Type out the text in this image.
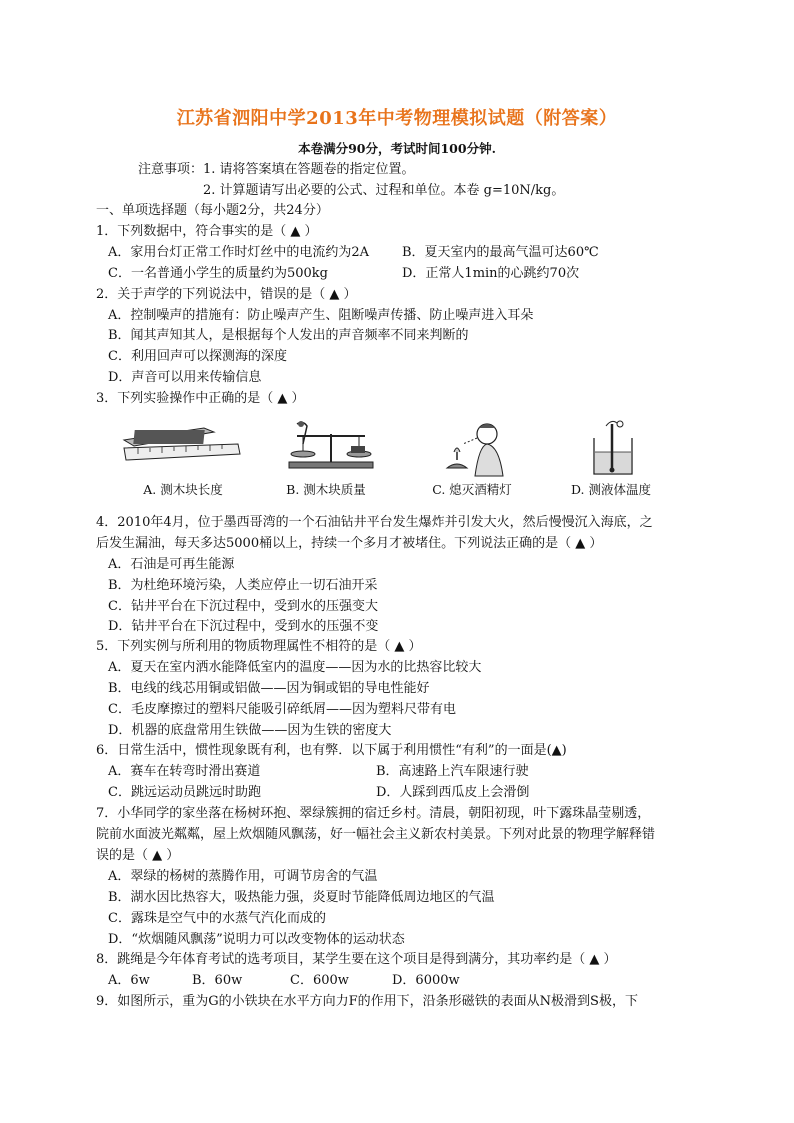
江苏省泗阳中学2013年中考物理模拟试题（附答案）
本卷满分90分，考试时间100分钟.
注意事项：1. 请将答案填在答题卷的指定位置。
2. 计算题请写出必要的公式、过程和单位。本卷 g=10N/kg。
一、单项选择题（每小题2分，共24分）
1．下列数据中，符合事实的是（ ▲ ）
A．家用台灯正常工作时灯丝中的电流约为2A	B．夏天室内的最高气温可达60℃
C．一名普通小学生的质量约为500kg	D．正常人1min的心跳约70次
2．关于声学的下列说法中，错误的是（ ▲ ）
A．控制噪声的措施有：防止噪声产生、阻断噪声传播、防止噪声进入耳朵
B．闻其声知其人，是根据每个人发出的声音频率不同来判断的
C．利用回声可以探测海的深度
D．声音可以用来传输信息
3．下列实验操作中正确的是（ ▲ ）
A. 测木块长度	B. 测木块质量	C. 熄灭酒精灯	D. 测液体温度
4．2010年4月，位于墨西哥湾的一个石油钻井平台发生爆炸并引发大火，然后慢慢沉入海底，之
后发生漏油，每天多达5000桶以上，持续一个多月才被堵住。下列说法正确的是（ ▲ ）
A．石油是可再生能源
B．为杜绝环境污染，人类应停止一切石油开采
C．钻井平台在下沉过程中，受到水的压强变大
D．钻井平台在下沉过程中，受到水的压强不变
5．下列实例与所利用的物质物理属性不相符的是（ ▲ ）
A．夏天在室内洒水能降低室内的温度——因为水的比热容比较大
B．电线的线芯用铜或铝做——因为铜或铝的导电性能好
C．毛皮摩擦过的塑料尺能吸引碎纸屑——因为塑料尺带有电
D．机器的底盘常用生铁做——因为生铁的密度大
6．日常生活中，惯性现象既有利，也有弊．以下属于利用惯性“有利”的一面是(▲)
A．赛车在转弯时滑出赛道	B．高速路上汽车限速行驶
C．跳远运动员跳远时助跑	D．人踩到西瓜皮上会滑倒
7．小华同学的家坐落在杨树环抱、翠绿簇拥的宿迁乡村。清晨，朝阳初现，叶下露珠晶莹剔透，
院前水面波光粼粼，屋上炊烟随风飘荡，好一幅社会主义新农村美景。下列对此景的物理学解释错
误的是（ ▲ ）
A．翠绿的杨树的蒸腾作用，可调节房舍的气温
B．湖水因比热容大，吸热能力强，炎夏时节能降低周边地区的气温
C．露珠是空气中的水蒸气汽化而成的
D．“炊烟随风飘荡”说明力可以改变物体的运动状态
8．跳绳是今年体育考试的选考项目，某学生要在这个项目是得到满分，其功率约是（ ▲ ）
A．6w	B．60w	C．600w	D．6000w
9．如图所示，重为G的小铁块在水平方向力F的作用下，沿条形磁铁的表面从N极滑到S极，下
